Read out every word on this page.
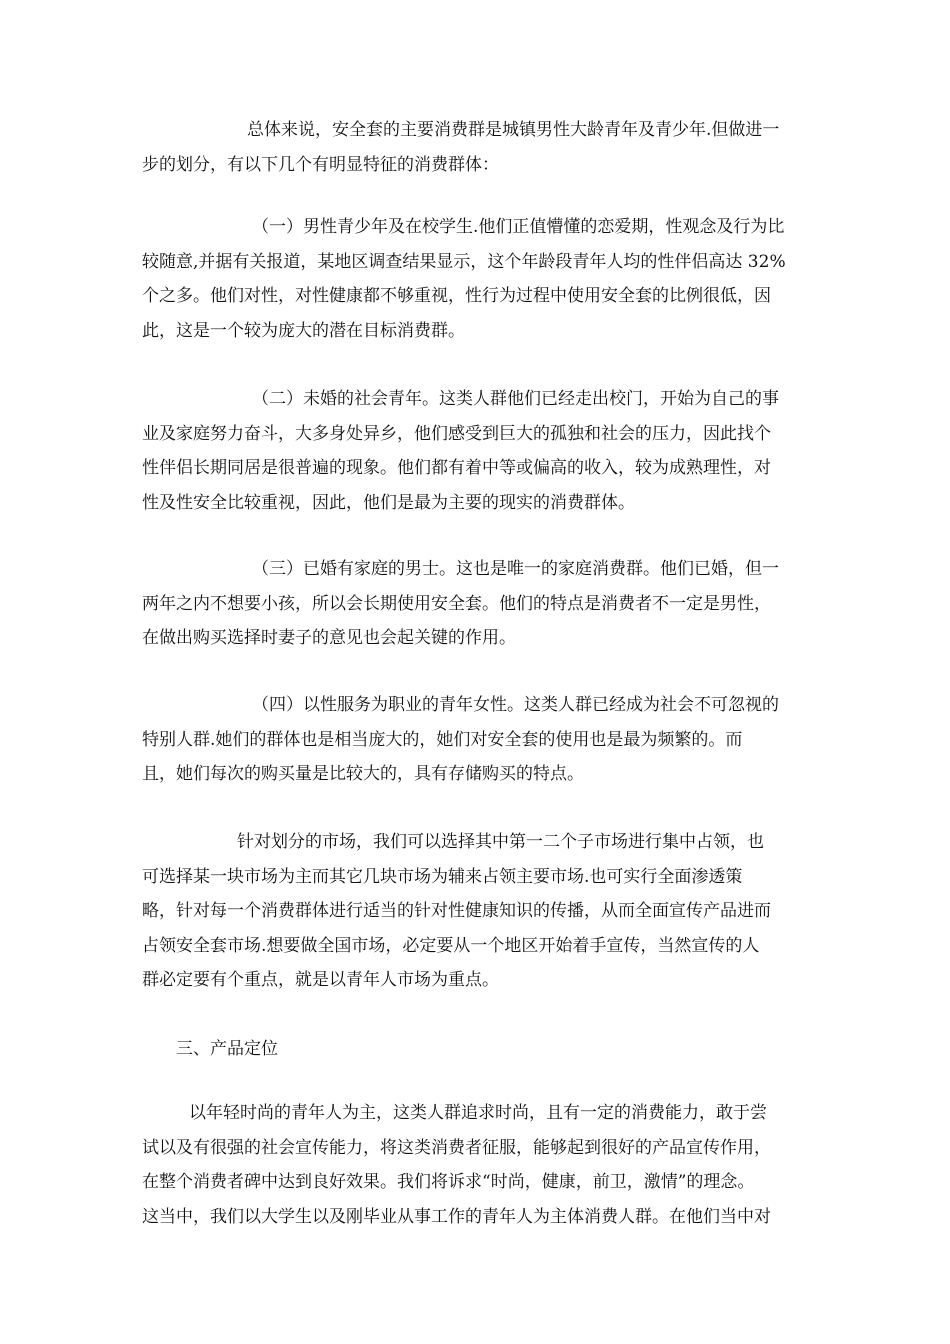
总体来说，安全套的主要消费群是城镇男性大龄青年及青少年.但做进一
步的划分，有以下几个有明显特征的消费群体：

（一）男性青少年及在校学生.他们正值懵懂的恋爱期，性观念及行为比
较随意,并据有关报道，某地区调查结果显示，这个年龄段青年人均的性伴侣高达 32%
个之多。他们对性，对性健康都不够重视，性行为过程中使用安全套的比例很低，因
此，这是一个较为庞大的潜在目标消费群。

（二）未婚的社会青年。这类人群他们已经走出校门，开始为自己的事
业及家庭努力奋斗，大多身处异乡，他们感受到巨大的孤独和社会的压力，因此找个
性伴侣长期同居是很普遍的现象。他们都有着中等或偏高的收入，较为成熟理性，对
性及性安全比较重视，因此，他们是最为主要的现实的消费群体。

（三）已婚有家庭的男士。这也是唯一的家庭消费群。他们已婚，但一
两年之内不想要小孩，所以会长期使用安全套。他们的特点是消费者不一定是男性，
在做出购买选择时妻子的意见也会起关键的作用。

（四）以性服务为职业的青年女性。这类人群已经成为社会不可忽视的
特别人群.她们的群体也是相当庞大的，她们对安全套的使用也是最为频繁的。而
且，她们每次的购买量是比较大的，具有存储购买的特点。

针对划分的市场，我们可以选择其中第一二个子市场进行集中占领，也
可选择某一块市场为主而其它几块市场为辅来占领主要市场.也可实行全面渗透策
略，针对每一个消费群体进行适当的针对性健康知识的传播，从而全面宣传产品进而
占领安全套市场.想要做全国市场，必定要从一个地区开始着手宣传，当然宣传的人
群必定要有个重点，就是以青年人市场为重点。

三、产品定位

以年轻时尚的青年人为主，这类人群追求时尚，且有一定的消费能力，敢于尝
试以及有很强的社会宣传能力，将这类消费者征服，能够起到很好的产品宣传作用，
在整个消费者碑中达到良好效果。我们将诉求“时尚，健康，前卫，激情”的理念。
这当中，我们以大学生以及刚毕业从事工作的青年人为主体消费人群。在他们当中对
